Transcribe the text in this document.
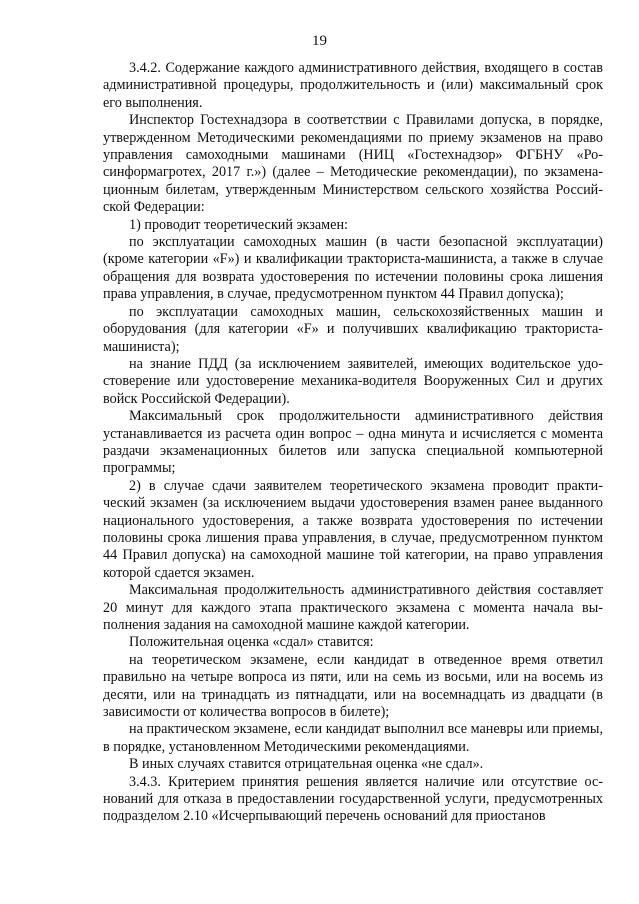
19

3.4.2. Содержание каждого административного действия, входящего в состав административной процедуры, продолжительность и (или) максимальный срок его выполнения.

Инспектор Гостехнадзора в соответствии с Правилами допуска, в порядке, утвержденном Методическими рекомендациями по приему экзаменов на право управления самоходными машинами (НИЦ «Гостехнадзор» ФГБНУ «Росинформагротех, 2017 г.») (далее – Методические рекомендации), по экзаменационным билетам, утвержденным Министерством сельского хозяйства Российской Федерации:

1) проводит теоретический экзамен:

по эксплуатации самоходных машин (в части безопасной эксплуатации) (кроме категории «F») и квалификации тракториста-машиниста, а также в случае обращения для возврата удостоверения по истечении половины срока лишения права управления, в случае, предусмотренном пунктом 44 Правил допуска);

по эксплуатации самоходных машин, сельскохозяйственных машин и оборудования (для категории «F» и получивших квалификацию тракториста-машиниста);

на знание ПДД (за исключением заявителей, имеющих водительское удостоверение или удостоверение механика-водителя Вооруженных Сил и других войск Российской Федерации).

Максимальный срок продолжительности административного действия устанавливается из расчета один вопрос – одна минута и исчисляется с момента раздачи экзаменационных билетов или запуска специальной компьютерной программы;

2) в случае сдачи заявителем теоретического экзамена проводит практический экзамен (за исключением выдачи удостоверения взамен ранее выданного национального удостоверения, а также возврата удостоверения по истечении половины срока лишения права управления, в случае, предусмотренном пунктом 44 Правил допуска) на самоходной машине той категории, на право управления которой сдается экзамен.

Максимальная продолжительность административного действия составляет 20 минут для каждого этапа практического экзамена с момента начала выполнения задания на самоходной машине каждой категории.

Положительная оценка «сдал» ставится:

на теоретическом экзамене, если кандидат в отведенное время ответил правильно на четыре вопроса из пяти, или на семь из восьми, или на восемь из десяти, или на тринадцать из пятнадцати, или на восемнадцать из двадцати (в зависимости от количества вопросов в билете);

на практическом экзамене, если кандидат выполнил все маневры или приемы, в порядке, установленном Методическими рекомендациями.

В иных случаях ставится отрицательная оценка «не сдал».

3.4.3. Критерием принятия решения является наличие или отсутствие оснований для отказа в предоставлении государственной услуги, предусмотренных подразделом 2.10 «Исчерпывающий перечень оснований для приостанов
